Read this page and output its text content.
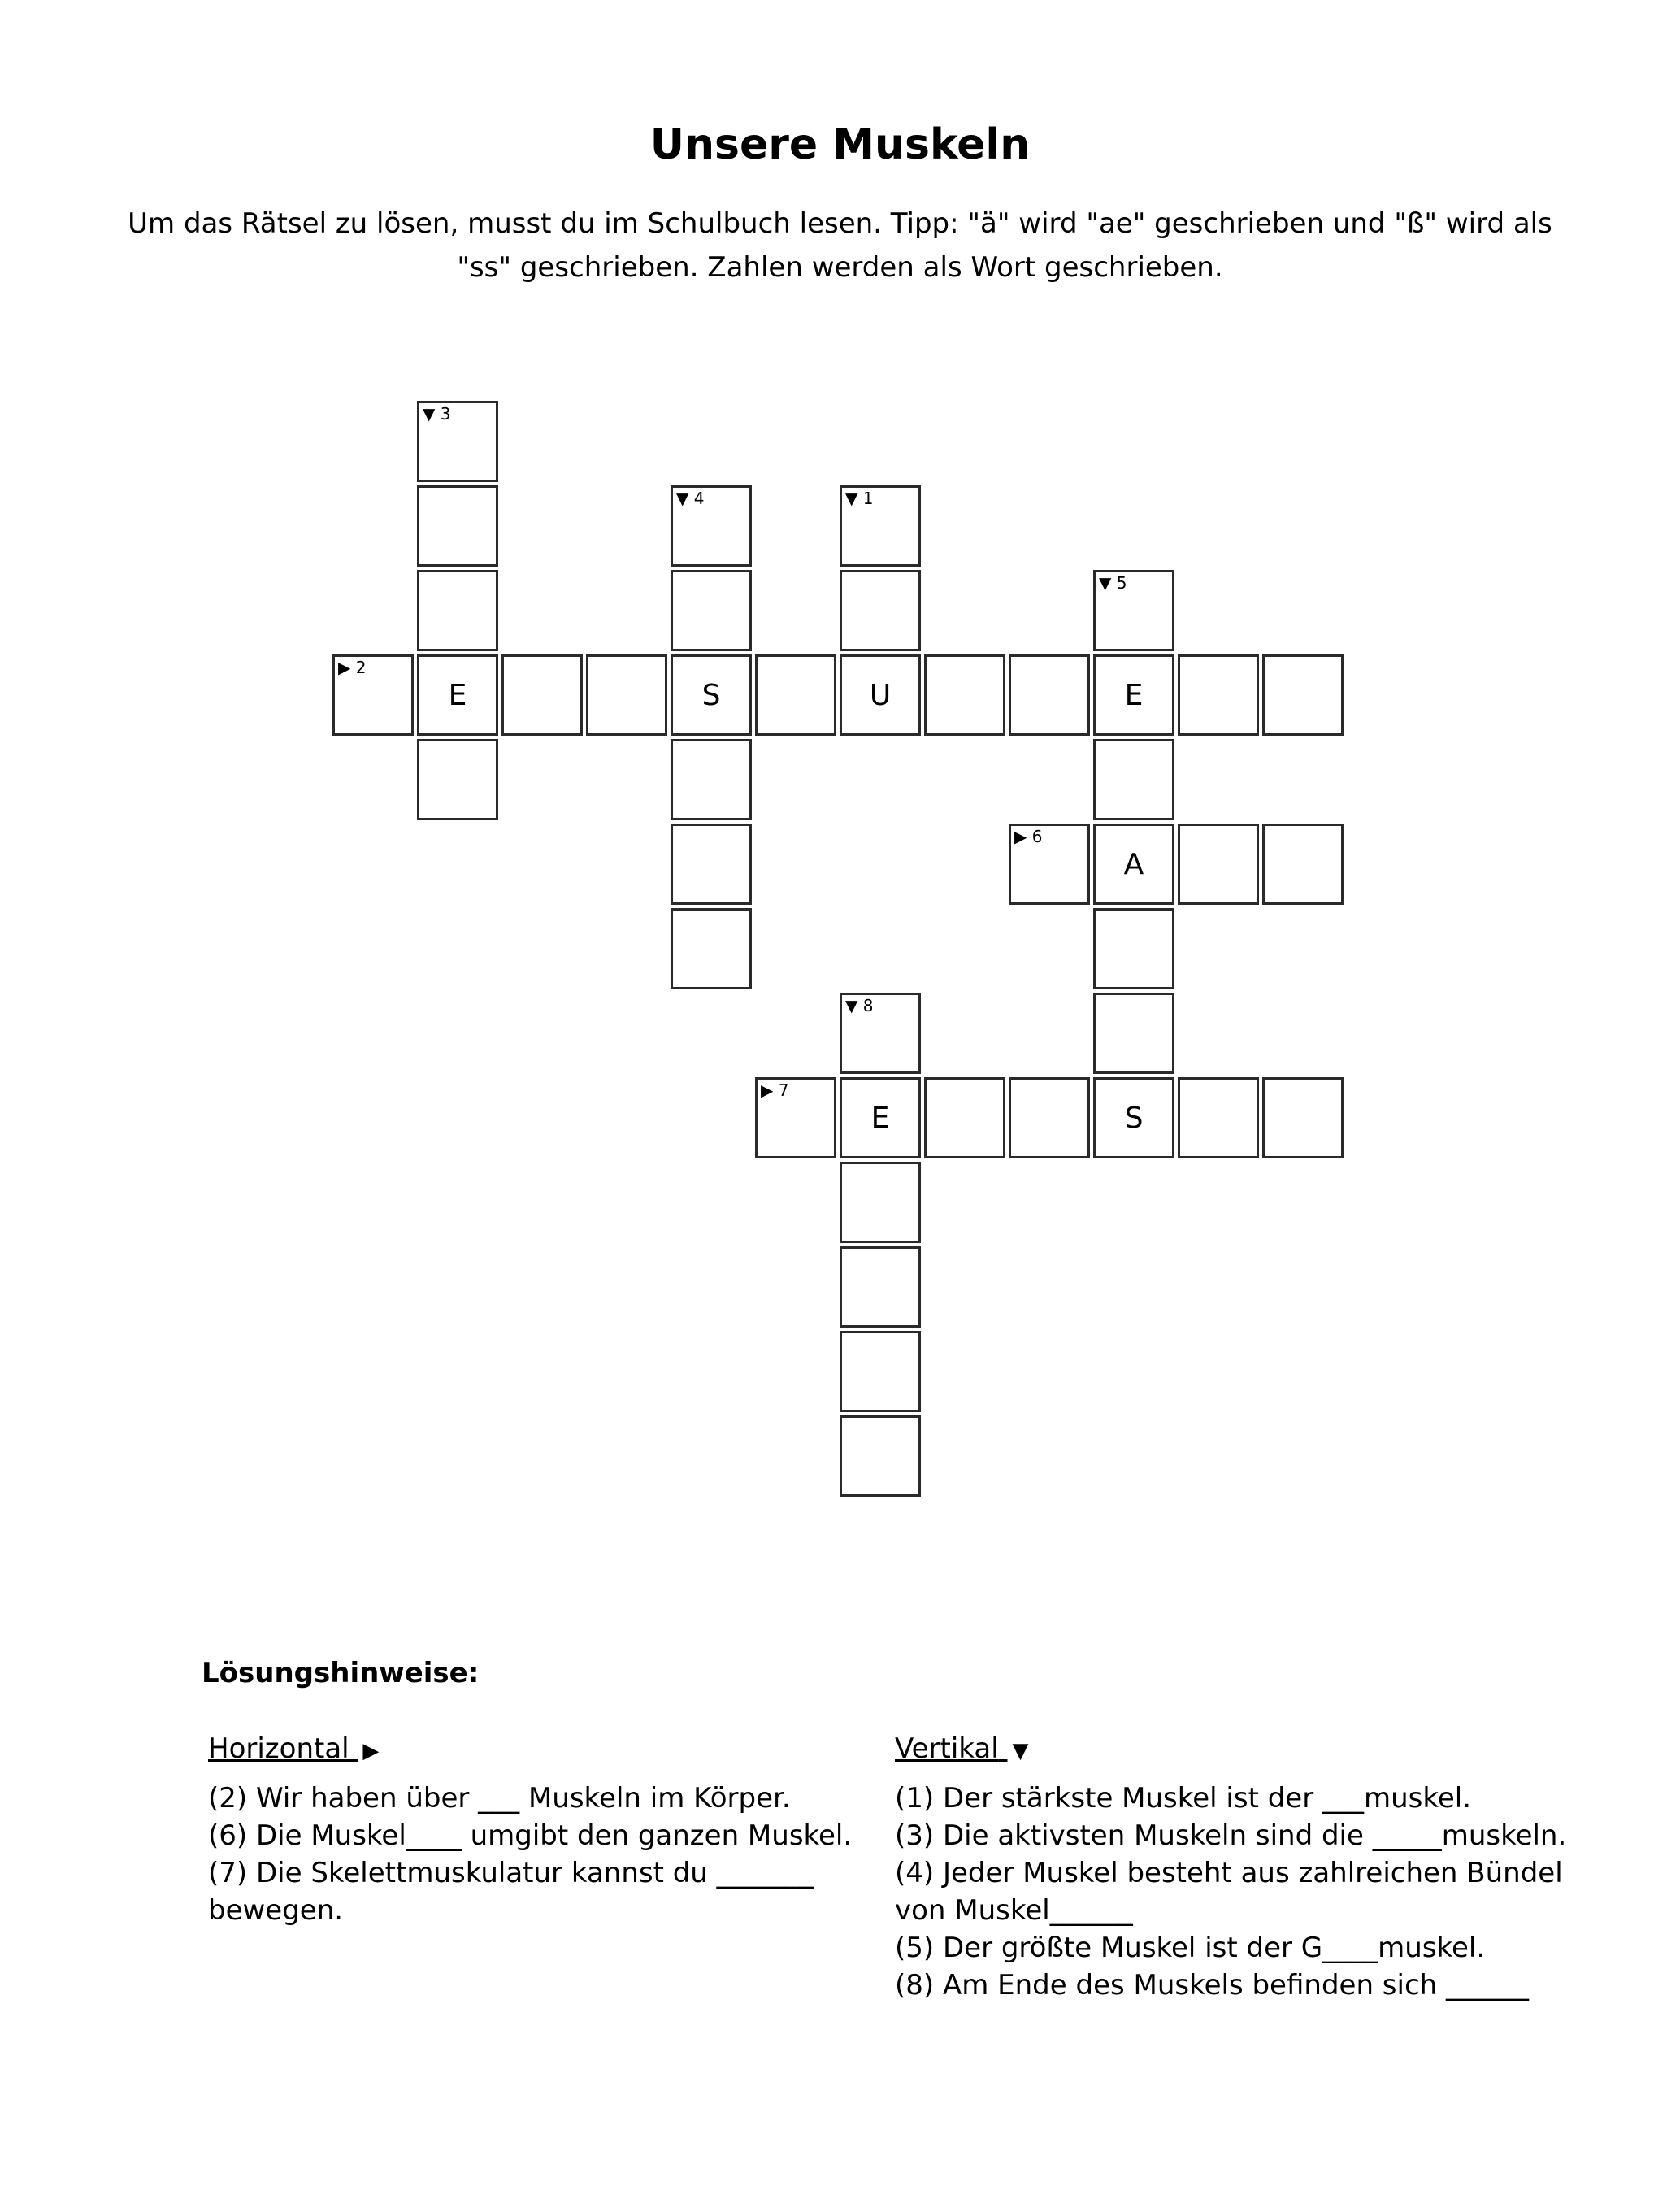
Unsere Muskeln
Um das Rätsel zu lösen, musst du im Schulbuch lesen. Tipp: "ä" wird "ae" geschrieben und "ß" wird als "ss" geschrieben. Zahlen werden als Wort geschrieben.
▼ 1
U
▶ 2
E	S	E
▼ 3
▼ 4
▼ 5
A
S
▶ 6
▶ 7
E
▼ 8
Lösungshinweise:
Horizontal ▶

(2) Wir haben über ___ Muskeln im Körper.

(6) Die Muskel____ umgibt den ganzen Muskel.

(7) Die Skelettmuskulatur kannst du _______ bewegen.

Vertikal ▼

(1) Der stärkste Muskel ist der ___muskel.

(3) Die aktivsten Muskeln sind die _____muskeln.

(4) Jeder Muskel besteht aus zahlreichen Bündel von Muskel______

(5) Der größte Muskel ist der G____muskel.

(8) Am Ende des Muskels befinden sich ______
